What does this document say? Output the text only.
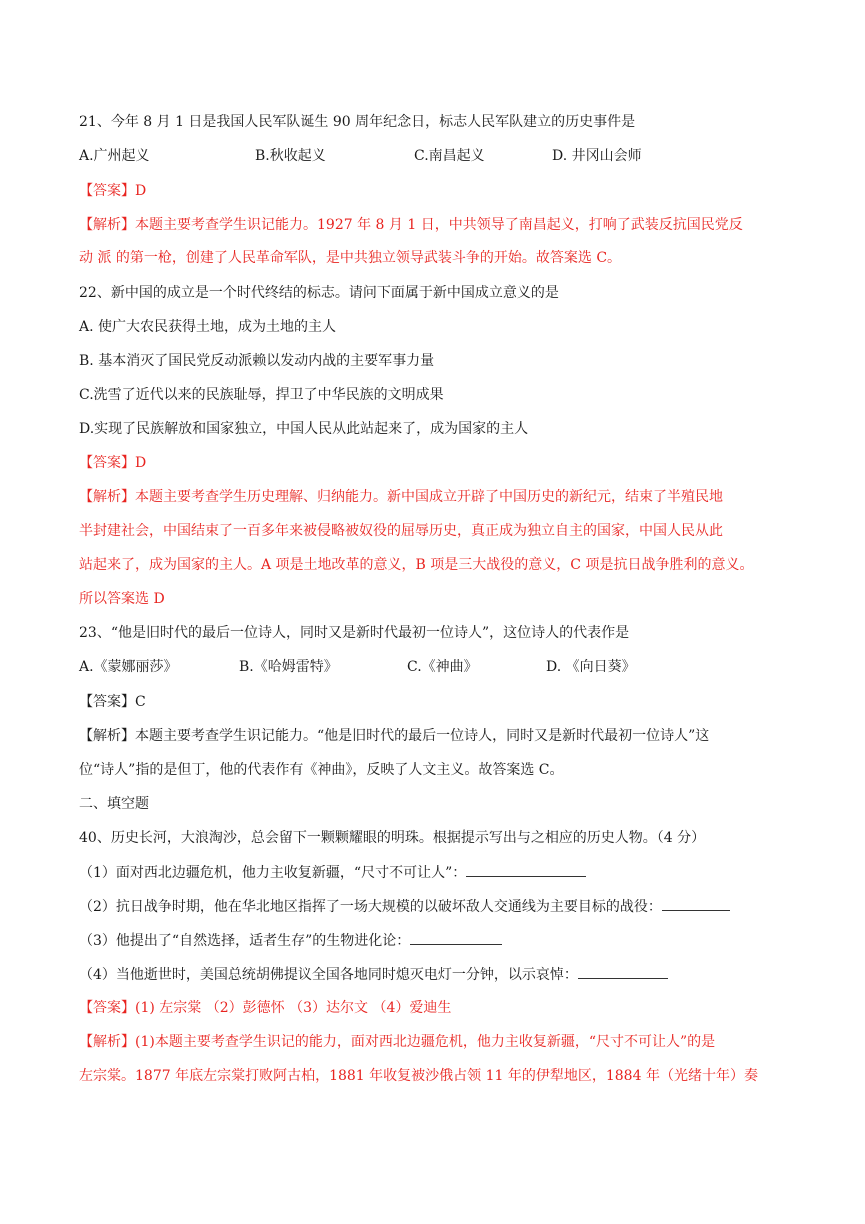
21、今年 8 月 1 日是我国人民军队诞生 90 周年纪念日，标志人民军队建立的历史事件是
A.广州起义	B.秋收起义	C.南昌起义	D. 井冈山会师
【答案】D
【解析】本题主要考查学生识记能力。1927 年 8 月 1 日，中共领导了南昌起义，打响了武装反抗国民党反
动 派 的第一枪，创建了人民革命军队，是中共独立领导武装斗争的开始。故答案选 C。
22、新中国的成立是一个时代终结的标志。请问下面属于新中国成立意义的是
A. 使广大农民获得土地，成为土地的主人
B. 基本消灭了国民党反动派赖以发动内战的主要军事力量
C.洗雪了近代以来的民族耻辱，捍卫了中华民族的文明成果
D.实现了民族解放和国家独立，中国人民从此站起来了，成为国家的主人
【答案】D
【解析】本题主要考查学生历史理解、归纳能力。新中国成立开辟了中国历史的新纪元，结束了半殖民地
半封建社会，中国结束了一百多年来被侵略被奴役的屈辱历史，真正成为独立自主的国家，中国人民从此
站起来了，成为国家的主人。A 项是土地改革的意义，B 项是三大战役的意义，C 项是抗日战争胜利的意义。
所以答案选 D
23、“他是旧时代的最后一位诗人，同时又是新时代最初一位诗人”，这位诗人的代表作是
A.《蒙娜丽莎》	B.《哈姆雷特》	C.《神曲》	D. 《向日葵》
【答案】C
【解析】本题主要考查学生识记能力。“他是旧时代的最后一位诗人，同时又是新时代最初一位诗人”这
位“诗人”指的是但丁，他的代表作有《神曲》，反映了人文主义。故答案选 C。
二、填空题
40、历史长河，大浪淘沙，总会留下一颗颗耀眼的明珠。根据提示写出与之相应的历史人物。（4 分）
（1）面对西北边疆危机，他力主收复新疆，“尺寸不可让人”：
（2）抗日战争时期，他在华北地区指挥了一场大规模的以破坏敌人交通线为主要目标的战役：
（3）他提出了“自然选择，适者生存”的生物进化论：
（4）当他逝世时，美国总统胡佛提议全国各地同时熄灭电灯一分钟，以示哀悼：
【答案】(1) 左宗棠 （2）彭德怀 （3）达尔文 （4）爱迪生
【解析】(1)本题主要考查学生识记的能力，面对西北边疆危机，他力主收复新疆，“尺寸不可让人”的是
左宗棠。1877 年底左宗棠打败阿古柏，1881 年收复被沙俄占领 11 年的伊犁地区，1884 年（光绪十年）奏
